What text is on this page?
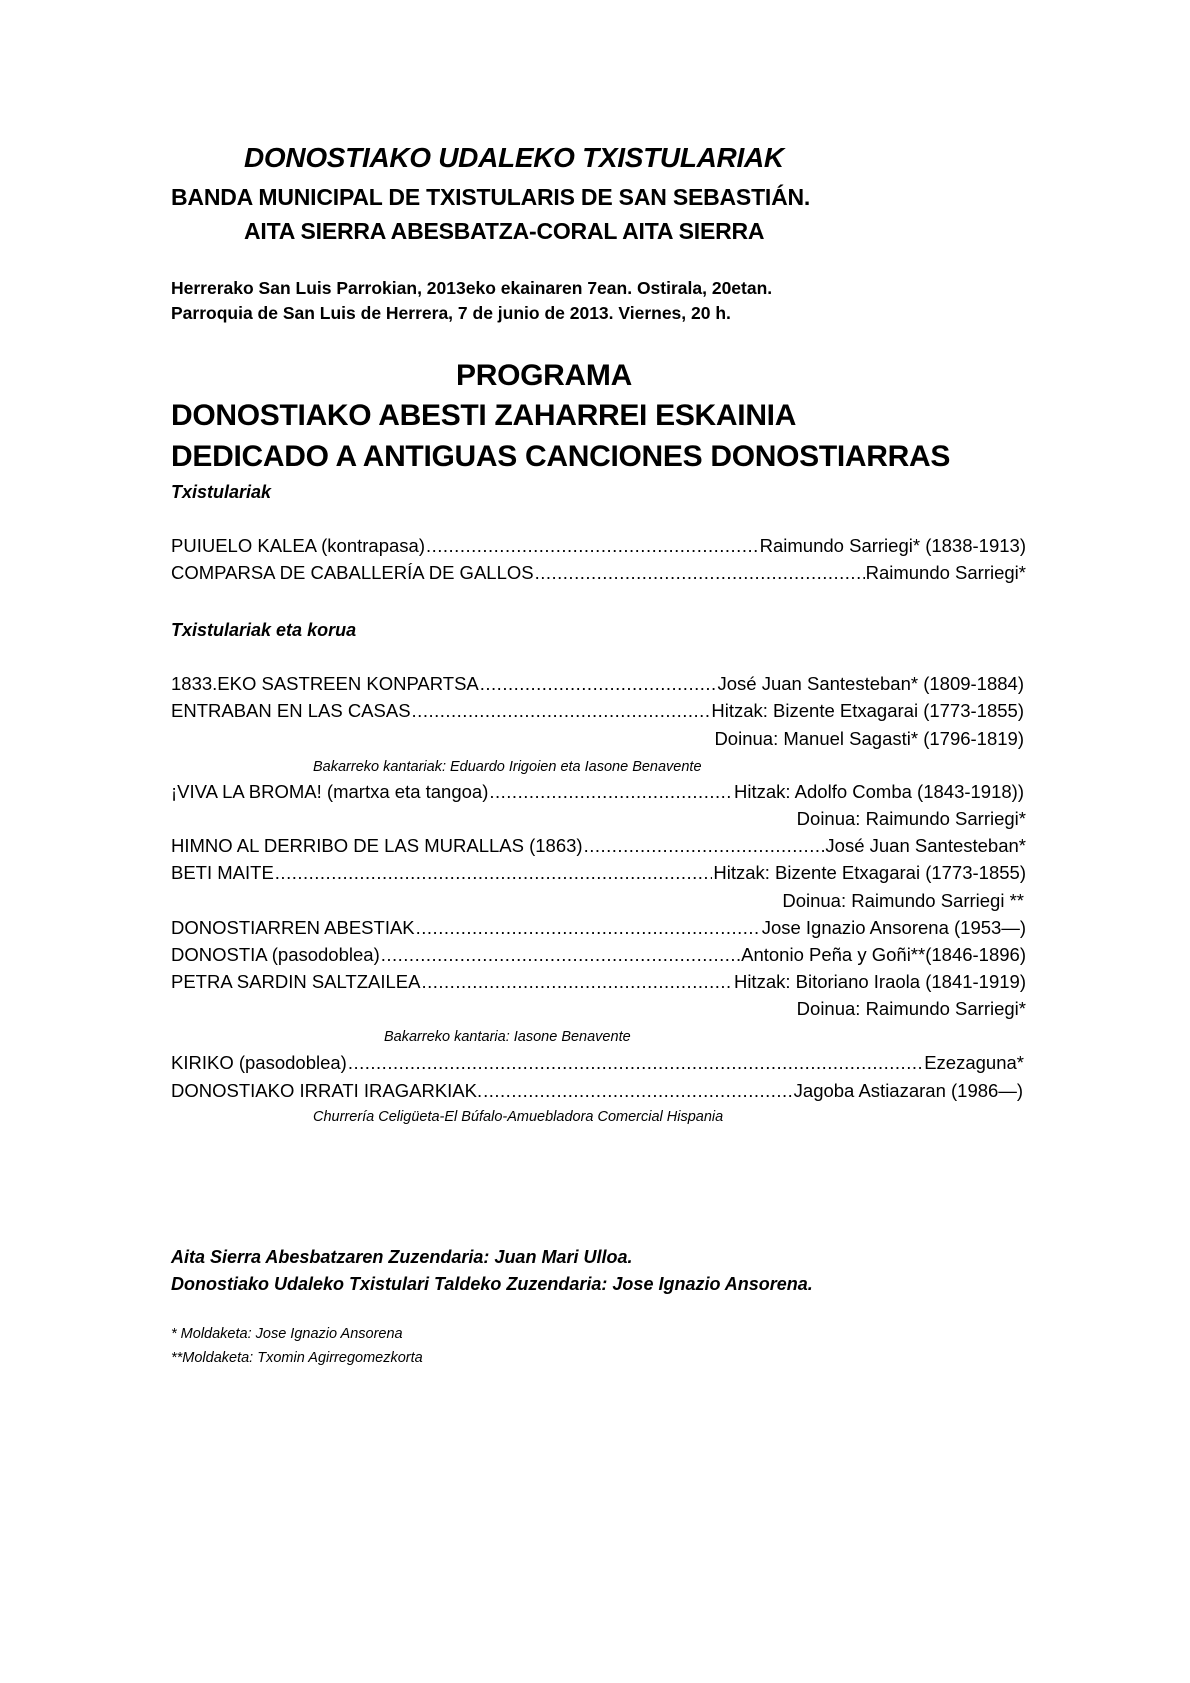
DONOSTIAKO UDALEKO TXISTULARIAK
BANDA MUNICIPAL DE TXISTULARIS DE SAN SEBASTIÁN.
AITA SIERRA ABESBATZA-CORAL AITA SIERRA
Herrerako San Luis Parrokian, 2013eko ekainaren 7ean. Ostirala, 20etan.
Parroquia de San Luis de Herrera, 7 de junio de 2013. Viernes, 20 h.
PROGRAMA
DONOSTIAKO ABESTI ZAHARREI ESKAINIA
DEDICADO A ANTIGUAS CANCIONES DONOSTIARRAS
Txistulariak
PUIUELO KALEA (kontrapasa) .....	Raimundo Sarriegi* (1838-1913)
COMPARSA DE CABALLERÍA DE GALLOS .....	Raimundo Sarriegi*
Txistulariak eta korua
1833.EKO SASTREEN KONPARTSA .....	José Juan Santesteban* (1809-1884)
ENTRABAN EN LAS CASAS .....	Hitzak: Bizente Etxagarai (1773-1855)
Doinua: Manuel Sagasti* (1796-1819)
Bakarreko kantariak: Eduardo Irigoien eta Iasone Benavente
¡VIVA LA BROMA! (martxa eta tangoa) .....	Hitzak: Adolfo Comba (1843-1918))
Doinua: Raimundo Sarriegi*
HIMNO AL DERRIBO DE LAS MURALLAS (1863) .....	José Juan Santesteban*
BETI MAITE .....	Hitzak: Bizente Etxagarai (1773-1855)
Doinua: Raimundo Sarriegi **
DONOSTIARREN ABESTIAK .....	Jose Ignazio Ansorena (1953—)
DONOSTIA (pasodoblea) .....	Antonio Peña y Goñi**(1846-1896)
PETRA SARDIN SALTZAILEA .....	Hitzak: Bitoriano Iraola (1841-1919)
Doinua: Raimundo Sarriegi*
Bakarreko kantaria: Iasone Benavente
KIRIKO (pasodoblea) .....	Ezezaguna*
DONOSTIAKO IRRATI IRAGARKIAK. .....	Jagoba Astiazaran (1986—)
Churrería Celigüeta-El Búfalo-Amuebladora Comercial Hispania
Aita Sierra Abesbatzaren Zuzendaria: Juan Mari Ulloa.
Donostiako Udaleko Txistulari Taldeko Zuzendaria: Jose Ignazio Ansorena.
* Moldaketa: Jose Ignazio Ansorena
**Moldaketa: Txomin Agirregomezkorta
